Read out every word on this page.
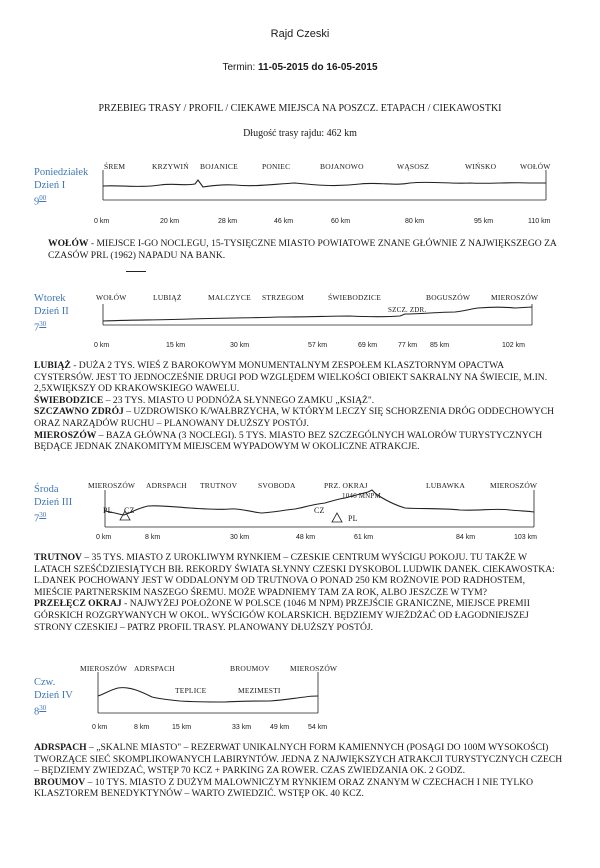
Rajd Czeski
Termin: 11-05-2015 do 16-05-2015
PRZEBIEG TRASY / PROFIL / CIEKAWE MIEJSCA NA POSZCZ. ETAPACH / CIEKAWOSTKI
Długość trasy rajdu: 462 km
Poniedziałek
Dzień I
$9^{00}$
ŚREM	KRZYWIŃ BOJANICE	PONIEC	BOJANOWO	WĄSOSZ	WIŃSKO	WOŁÓW
0 km	20 km	28 km	46 km	60 km	80 km	95 km	110 km
WOŁÓW - MIEJSCE I-GO NOCLEGU, 15-TYSIĘCZNE MIASTO POWIATOWE ZNANE GŁÓWNIE Z NAJWIĘKSZEGO ZA CZASÓW PRL (1962) NAPADU NA BANK.
Wtorek
Dzień II
$7^{30}$
WOŁÓW	LUBIĄŻ	MALCZYCE STRZEGOM	ŚWIEBODZICE	BOGUSZÓW	MIEROSZÓW
SZCZ. ZDR.
0 km	15 km	30 km	57 km	69 km	77 km 85 km	102 km
LUBIĄŻ - DUŻA 2 TYS. WIEŚ Z BAROKOWYM MONUMENTALNYM ZESPOŁEM KLASZTORNYM OPACTWA CYSTERSÓW. JEST TO JEDNOCZEŚNIE DRUGI POD WZGLĘDEM WIELKOŚCI OBIEKT SAKRALNY NA ŚWIECIE, M.IN. 2,5XWIĘKSZY OD KRAKOWSKIEGO WAWELU.
ŚWIEBODZICE – 23 TYS. MIASTO U PODNÓŻA SŁYNNEGO ZAMKU „KSIĄŻ".
SZCZAWNO ZDRÓJ – UZDROWISKO K/WAŁBRZYCHA, W KTÓRYM LECZY SIĘ SCHORZENIA DRÓG ODDECHOWYCH ORAZ NARZĄDÓW RUCHU – PLANOWANY DŁUŻSZY POSTÓJ.
MIEROSZÓW – BAZA GŁÓWNA (3 NOCLEGI). 5 TYS. MIASTO BEZ SZCZEGÓLNYCH WALORÓW TURYSTYCZNYCH BĘDĄCE JEDNAK ZNAKOMITYM MIEJSCEM WYPADOWYM W OKOLICZNE ATRAKCJE.
Środa
Dzień III
$7^{30}$
MIEROSZÓW ADRSPACH TRUTNOV	SVOBODA	PRZ. OKRAJ	LUBAWKA	MIEROSZÓW
1046 MNPM
PL CZ	CZ
PL
0 km	8 km	30 km	48 km	61 km	84 km	103 km
TRUTNOV – 35 TYS. MIASTO Z UROKLIWYM RYNKIEM – CZESKIE CENTRUM WYŚCIGU POKOJU. TU TAKŻE W LATACH SZEŚĆDZIESIĄTYCH BIŁ REKORDY ŚWIATA SŁYNNY CZESKI DYSKOBOL LUDWIK DANEK. CIEKAWOSTKA: L.DANEK POCHOWANY JEST W ODDALONYM OD TRUTNOVA O PONAD 250 KM ROŻNOVIE POD RADHOSTEM, MIEŚCIE PARTNERSKIM NASZEGO ŚREMU. MOŻE WPADNIEMY TAM ZA ROK, ALBO JESZCZE W TYM?
PRZEŁĘCZ OKRAJ - NAJWYŻEJ POŁOŻONE W POLSCE (1046 M NPM) PRZEJŚCIE GRANICZNE, MIEJSCE PREMII GÓRSKICH ROZGRYWANYCH W OKOL. WYŚCIGÓW KOLARSKICH. BĘDZIEMY WJEŻDŻAĆ OD ŁAGODNIEJSZEJ STRONY CZESKIEJ – PATRZ PROFIL TRASY. PLANOWANY DŁUŻSZY POSTÓJ.
Czw.
Dzień IV
$8^{30}$
MIEROSZÓW ADRSPACH	BROUMOV	MIEROSZÓW
TEPLICE	MEZIMESTI
0 km	8 km	15 km	33 km	49 km	54 km
ADRSPACH – „SKALNE MIASTO" – REZERWAT UNIKALNYCH FORM KAMIENNYCH (POSĄGI DO 100M WYSOKOŚCI) TWORZĄCE SIEĆ SKOMPLIKOWANYCH LABIRYNTÓW. JEDNA Z NAJWIĘKSZYCH ATRAKCJI TURYSTYCZNYCH CZECH – BĘDZIEMY ZWIEDZAĆ, WSTĘP 70 KCZ + PARKING ZA ROWER. CZAS ZWIEDZANIA OK. 2 GODZ.
BROUMOV – 10 TYS. MIASTO Z DUŻYM MALOWNICZYM RYNKIEM ORAZ ZNANYM W CZECHACH I NIE TYLKO KLASZTOREM BENEDYKTYNÓW – WARTO ZWIEDZIĆ. WSTĘP OK. 40 KCZ.
